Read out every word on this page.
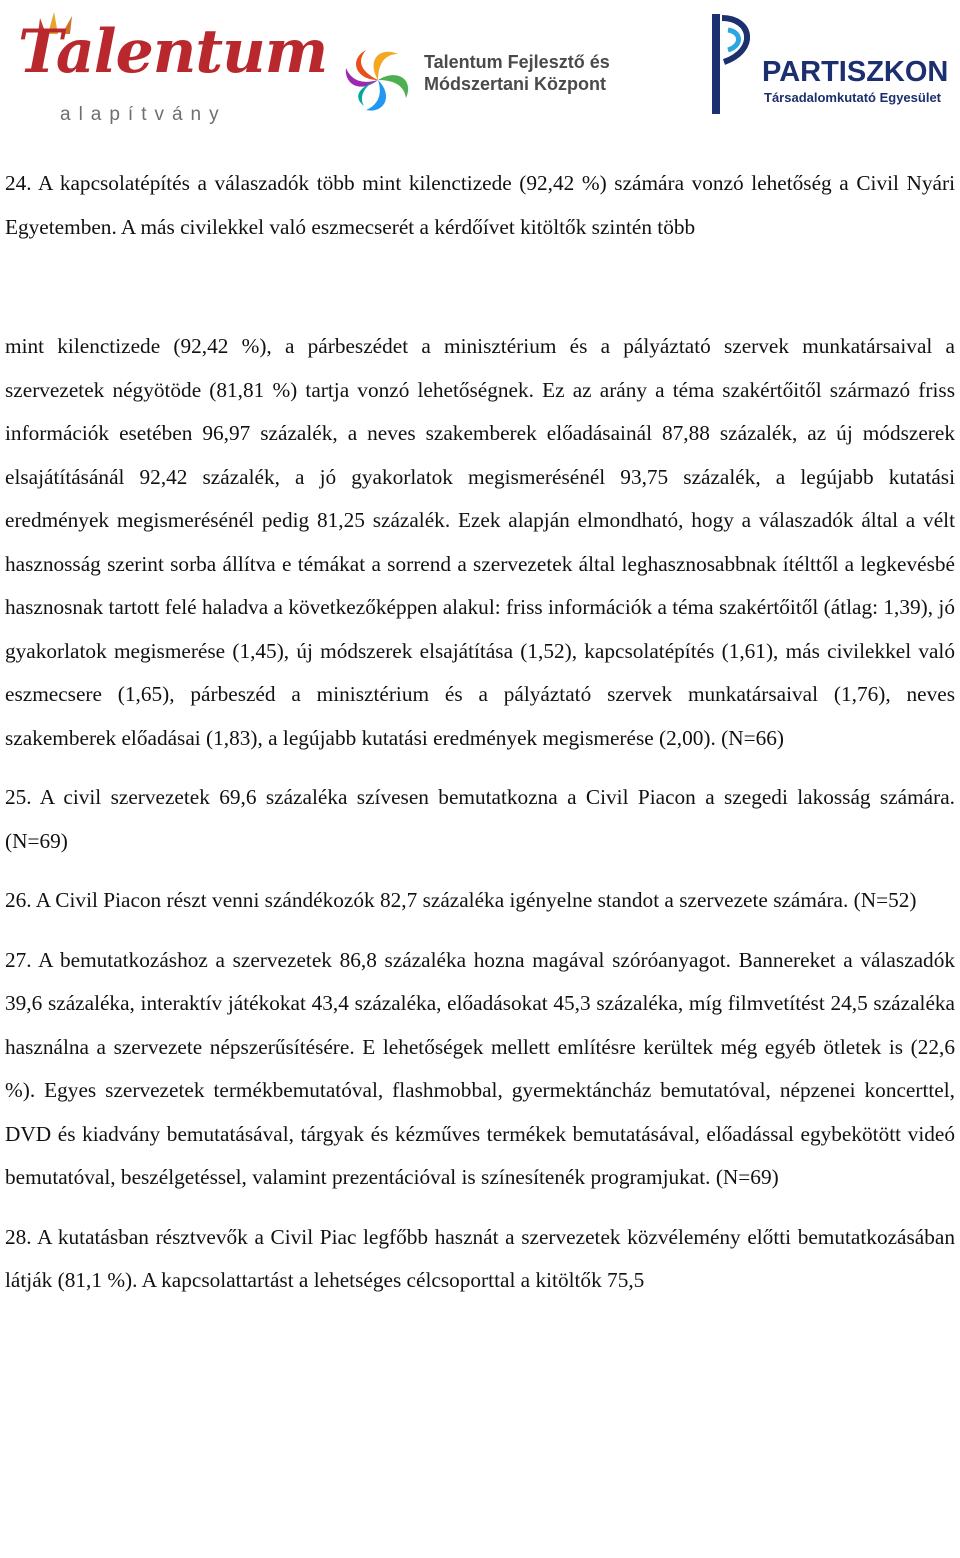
Talentum
alapítvány
Talentum Fejlesztő és
Módszertani Központ	PARTISZKON
Társadalomkutató Egyesület

24. A kapcsolatépítés a válaszadók több mint kilenctizede (92,42 %) számára vonzó lehetőség a Civil Nyári Egyetemben. A más civilekkel való eszmecserét a kérdőívet kitöltők szintén több

mint kilenctizede (92,42 %), a párbeszédet a minisztérium és a pályáztató szervek munkatársaival a szervezetek négyötöde (81,81 %) tartja vonzó lehetőségnek. Ez az arány a téma szakértőitől származó friss információk esetében 96,97 százalék, a neves szakemberek előadásainál 87,88 százalék, az új módszerek elsajátításánál 92,42 százalék, a jó gyakorlatok megismerésénél 93,75 százalék, a legújabb kutatási eredmények megismerésénél pedig 81,25 százalék. Ezek alapján elmondható, hogy a válaszadók által a vélt hasznosság szerint sorba állítva e témákat a sorrend a szervezetek által leghasznosabbnak ítélttől a legkevésbé hasznosnak tartott felé haladva a következőképpen alakul: friss információk a téma szakértőitől (átlag: 1,39), jó gyakorlatok megismerése (1,45), új módszerek elsajátítása (1,52), kapcsolatépítés (1,61), más civilekkel való eszmecsere (1,65), párbeszéd a minisztérium és a pályáztató szervek munkatársaival (1,76), neves szakemberek előadásai (1,83), a legújabb kutatási eredmények megismerése (2,00). (N=66)

25. A civil szervezetek 69,6 százaléka szívesen bemutatkozna a Civil Piacon a szegedi lakosság számára. (N=69)

26. A Civil Piacon részt venni szándékozók 82,7 százaléka igényelne standot a szervezete számára. (N=52)

27. A bemutatkozáshoz a szervezetek 86,8 százaléka hozna magával szóróanyagot. Bannereket a válaszadók 39,6 százaléka, interaktív játékokat 43,4 százaléka, előadásokat 45,3 százaléka, míg filmvetítést 24,5 százaléka használna a szervezete népszerűsítésére. E lehetőségek mellett említésre kerültek még egyéb ötletek is (22,6 %). Egyes szervezetek termékbemutatóval, flashmobbal, gyermektáncház bemutatóval, népzenei koncerttel, DVD és kiadvány bemutatásával, tárgyak és kézműves termékek bemutatásával, előadással egybekötött videó bemutatóval, beszélgetéssel, valamint prezentációval is színesítenék programjukat. (N=69)

28. A kutatásban résztvevők a Civil Piac legfőbb hasznát a szervezetek közvélemény előtti bemutatkozásában látják (81,1 %). A kapcsolattartást a lehetséges célcsoporttal a kitöltők 75,5
